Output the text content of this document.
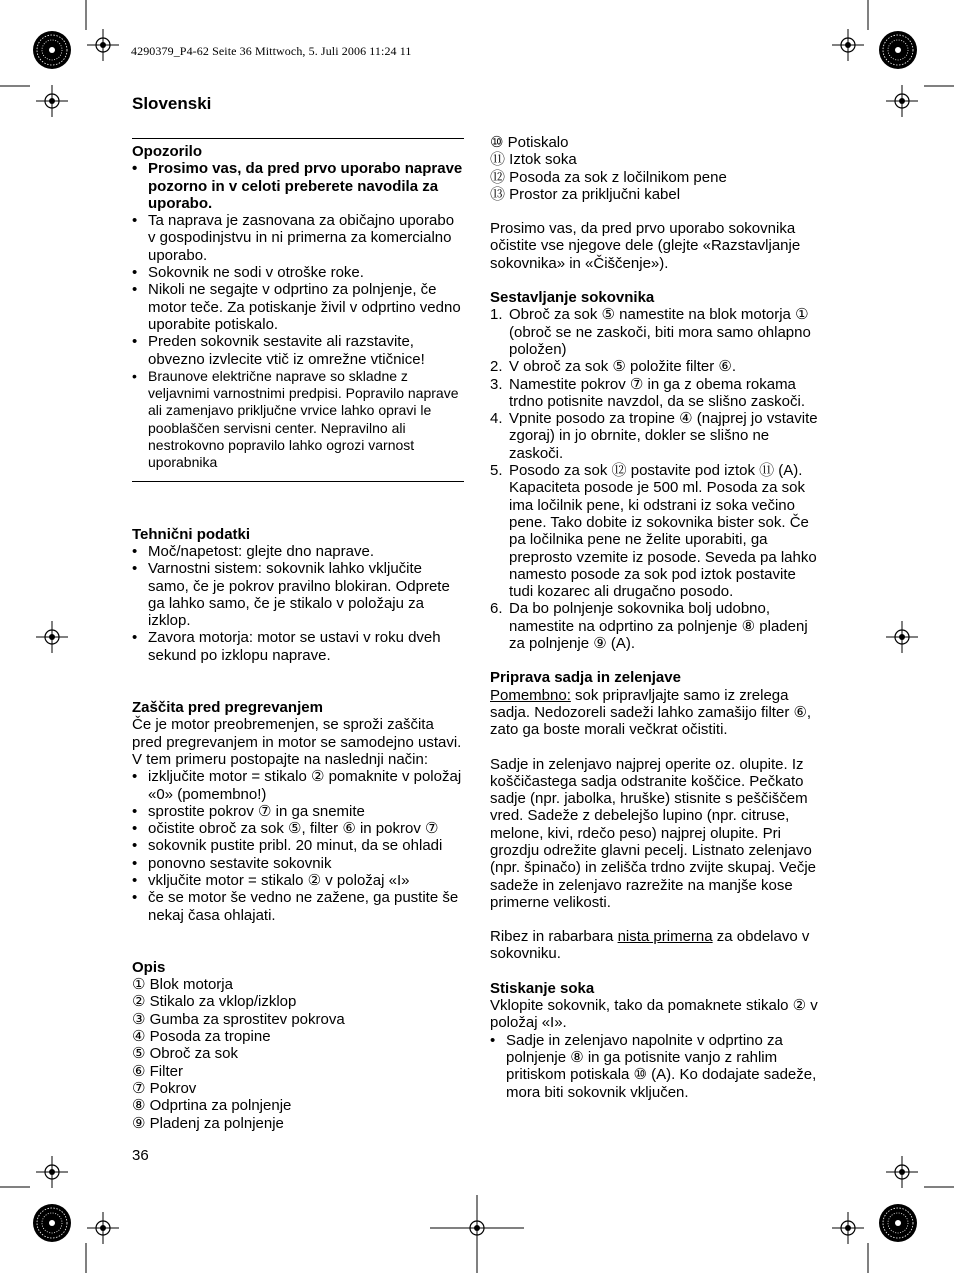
4290379_P4-62 Seite 36 Mittwoch, 5. Juli 2006 11:24 11
Slovenski

Opozorilo

• Prosimo vas, da pred prvo uporabo naprave pozorno in v celoti preberete navodila za uporabo.

• Ta naprava je zasnovana za običajno uporabo v gospodinjstvu in ni primerna za komercialno uporabo.

• Sokovnik ne sodi v otroške roke.

• Nikoli ne segajte v odprtino za polnjenje, če motor teče. Za potiskanje živil v odprtino vedno uporabite potiskalo.

• Preden sokovnik sestavite ali razstavite, obvezno izvlecite vtič iz omrežne vtičnice!

• Braunove električne naprave so skladne z veljavnimi varnostnimi predpisi. Popravilo naprave ali zamenjavo priključne vrvice lahko opravi le pooblaščen servisni center. Nepravilno ali nestrokovno popravilo lahko ogrozi varnost uporabnika

Tehnični podatki

• Moč/napetost: glejte dno naprave.

• Varnostni sistem: sokovnik lahko vključite samo, če je pokrov pravilno blokiran. Odprete ga lahko samo, če je stikalo v položaju za izklop.

• Zavora motorja: motor se ustavi v roku dveh sekund po izklopu naprave.

Zaščita pred pregrevanjem

Če je motor preobremenjen, se sproži zaščita pred pregrevanjem in motor se samodejno ustavi. V tem primeru postopajte na naslednji način:

• izključite motor = stikalo ② pomaknite v položaj «0» (pomembno!)

• sprostite pokrov ⑦ in ga snemite

• očistite obroč za sok ⑤, filter ⑥ in pokrov ⑦

• sokovnik pustite pribl. 20 minut, da se ohladi

• ponovno sestavite sokovnik

• vključite motor = stikalo ② v položaj «I»

• če se motor še vedno ne zažene, ga pustite še nekaj časa ohlajati.

Opis

① Blok motorja

② Stikalo za vklop/izklop

③ Gumba za sprostitev pokrova

④ Posoda za tropine

⑤ Obroč za sok

⑥ Filter

⑦ Pokrov

⑧ Odprtina za polnjenje

⑨ Pladenj za polnjenje

36

⑩ Potiskalo

⑪ Iztok soka

⑫ Posoda za sok z ločilnikom pene

⑬ Prostor za priključni kabel

Prosimo vas, da pred prvo uporabo sokovnika očistite vse njegove dele (glejte «Razstavljanje sokovnika» in «Čiščenje»).

Sestavljanje sokovnika

1. Obroč za sok ⑤ namestite na blok motorja ① (obroč se ne zaskoči, biti mora samo ohlapno položen)
2. V obroč za sok ⑤ položite filter ⑥.
3. Namestite pokrov ⑦ in ga z obema rokama trdno potisnite navzdol, da se slišno zaskoči.
4. Vpnite posodo za tropine ④ (najprej jo vstavite zgoraj) in jo obrnite, dokler se slišno ne zaskoči.
5. Posodo za sok ⑫ postavite pod iztok ⑪ (A). Kapaciteta posode je 500 ml. Posoda za sok ima ločilnik pene, ki odstrani iz soka večino pene. Tako dobite iz sokovnika bister sok. Če pa ločilnika pene ne želite uporabiti, ga preprosto vzemite iz posode. Seveda pa lahko namesto posode za sok pod iztok postavite tudi kozarec ali drugačno posodo.
6. Da bo polnjenje sokovnika bolj udobno, namestite na odprtino za polnjenje ⑧ pladenj za polnjenje ⑨ (A).

Priprava sadja in zelenjave

Pomembno: sok pripravljajte samo iz zrelega sadja. Nedozoreli sadeži lahko zamašijo filter ⑥, zato ga boste morali večkrat očistiti.

Sadje in zelenjavo najprej operite oz. olupite. Iz koščičastega sadja odstranite koščice. Pečkato sadje (npr. jabolka, hruške) stisnite s peščiščem vred. Sadeže z debelejšo lupino (npr. citruse, melone, kivi, rdečo peso) najprej olupite. Pri grozdju odrežite glavni pecelj. Listnato zelenjavo (npr. špinačo) in zelišča trdno zvijte skupaj. Večje sadeže in zelenjavo razrežite na manjše kose primerne velikosti.

Ribez in rabarbara nista primerna za obdelavo v sokovniku.

Stiskanje soka

Vklopite sokovnik, tako da pomaknete stikalo ② v položaj «I».

• Sadje in zelenjavo napolnite v odprtino za polnjenje ⑧ in ga potisnite vanjo z rahlim pritiskom potiskala ⑩ (A). Ko dodajate sadeže, mora biti sokovnik vključen.
